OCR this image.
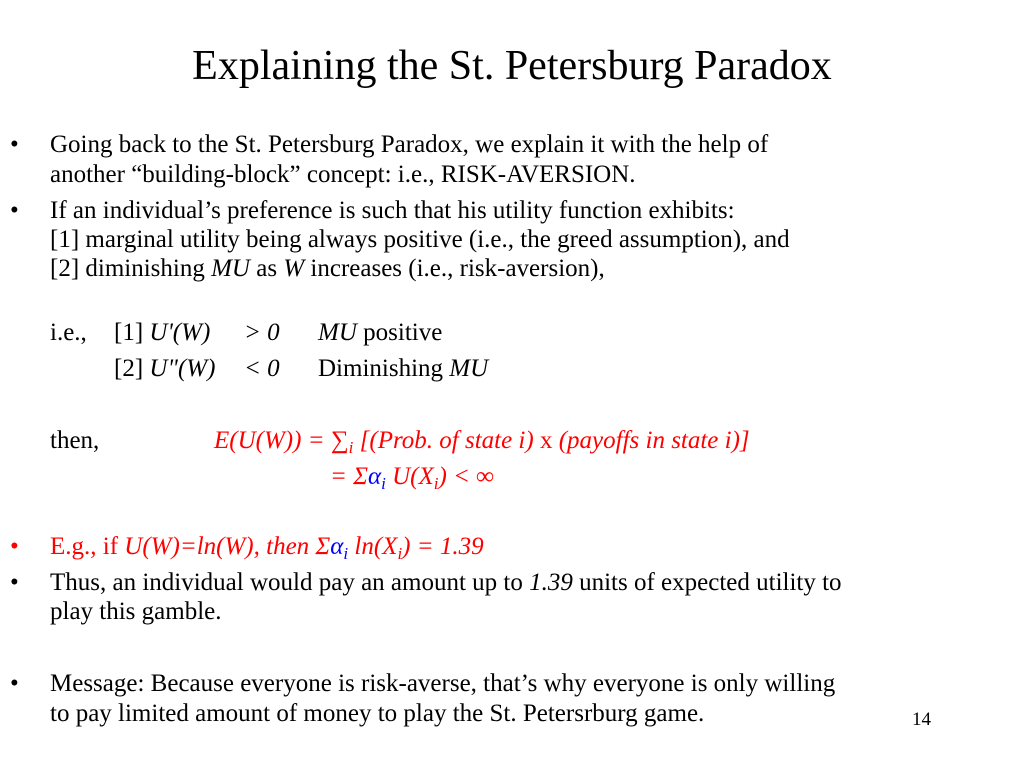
Explaining the St. Petersburg Paradox
• Going back to the St. Petersburg Paradox, we explain it with the help of
another “building-block” concept: i.e., RISK-AVERSION.
• If an individual’s preference is such that his utility function exhibits:
[1] marginal utility being always positive (i.e., the greed assumption), and
[2] diminishing MU as W increases (i.e., risk-aversion),
i.e., [1] U'(W) > 0 MU positive
[2] U"(W) < 0 Diminishing MU
then,	$E(U(W)) = \sum_i$ [(Prob. of state i) x (payoffs in state i)]
= $\Sigma\alpha_i$ $U(X_i)$ < ∞
• E.g., if U(W)=ln(W), then $\Sigma\alpha_i$ $\ln(X_i) = 1.39$
• Thus, an individual would pay an amount up to 1.39 units of expected utility to
play this gamble.
• Message: Because everyone is risk-averse, that’s why everyone is only willing
to pay limited amount of money to play the St. Petersrburg game.	14
